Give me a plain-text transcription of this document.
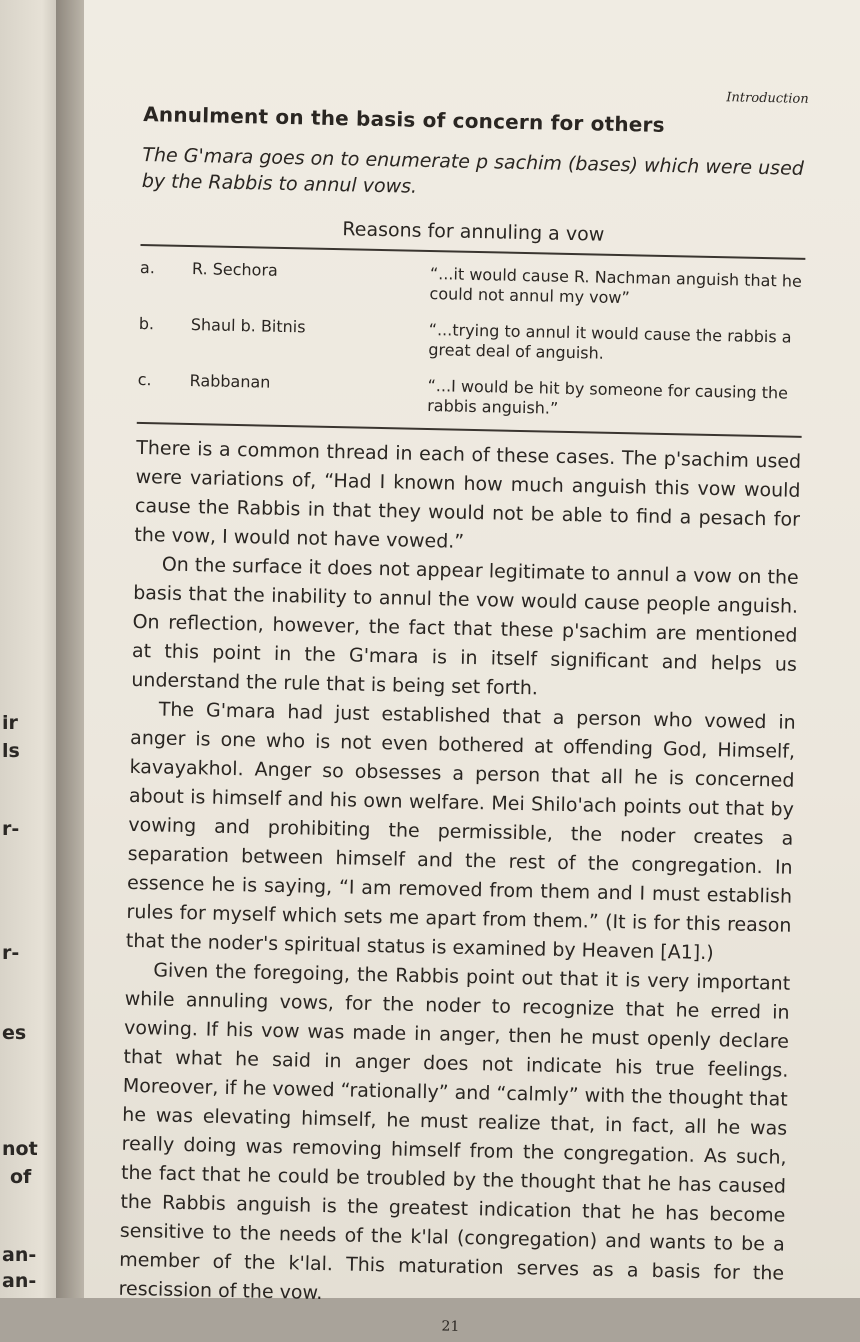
ir
ls
r-
r-
es
not
of
an-
an-
Introduction
Annulment on the basis of concern for others

The G'mara goes on to enumerate p sachim (bases) which were used by the Rabbis to annul vows.

Reasons for annuling a vow
a.	R. Sechora	“...it would cause R. Nachman anguish that he could not annul my vow”
b.	Shaul b. Bitnis	“...trying to annul it would cause the rabbis a great deal of anguish.
c.	Rabbanan	“...I would be hit by someone for causing the rabbis anguish.”

There is a common thread in each of these cases. The p'sachim used were variations of, “Had I known how much anguish this vow would cause the Rabbis in that they would not be able to find a pesach for the vow, I would not have vowed.”

On the surface it does not appear legitimate to annul a vow on the basis that the inability to annul the vow would cause people anguish. On reflection, however, the fact that these p'sachim are mentioned at this point in the G'mara is in itself significant and helps us understand the rule that is being set forth.

The G'mara had just established that a person who vowed in anger is one who is not even bothered at offending God, Himself, kavayakhol. Anger so obsesses a person that all he is concerned about is himself and his own welfare. Mei Shilo'ach points out that by vowing and prohibiting the permissible, the noder creates a separation between himself and the rest of the congregation. In essence he is saying, “I am removed from them and I must establish rules for myself which sets me apart from them.” (It is for this reason that the noder's spiritual status is examined by Heaven [A1].)

Given the foregoing, the Rabbis point out that it is very important while annuling vows, for the noder to recognize that he erred in vowing. If his vow was made in anger, then he must openly declare that what he said in anger does not indicate his true feelings. Moreover, if he vowed “rationally” and “calmly” with the thought that he was elevating himself, he must realize that, in fact, all he was really doing was removing himself from the congregation. As such, the fact that he could be troubled by the thought that he has caused the Rabbis anguish is the greatest indication that he has become sensitive to the needs of the k'lal (congregation) and wants to be a member of the k'lal. This maturation serves as a basis for the rescission of the vow.

21
